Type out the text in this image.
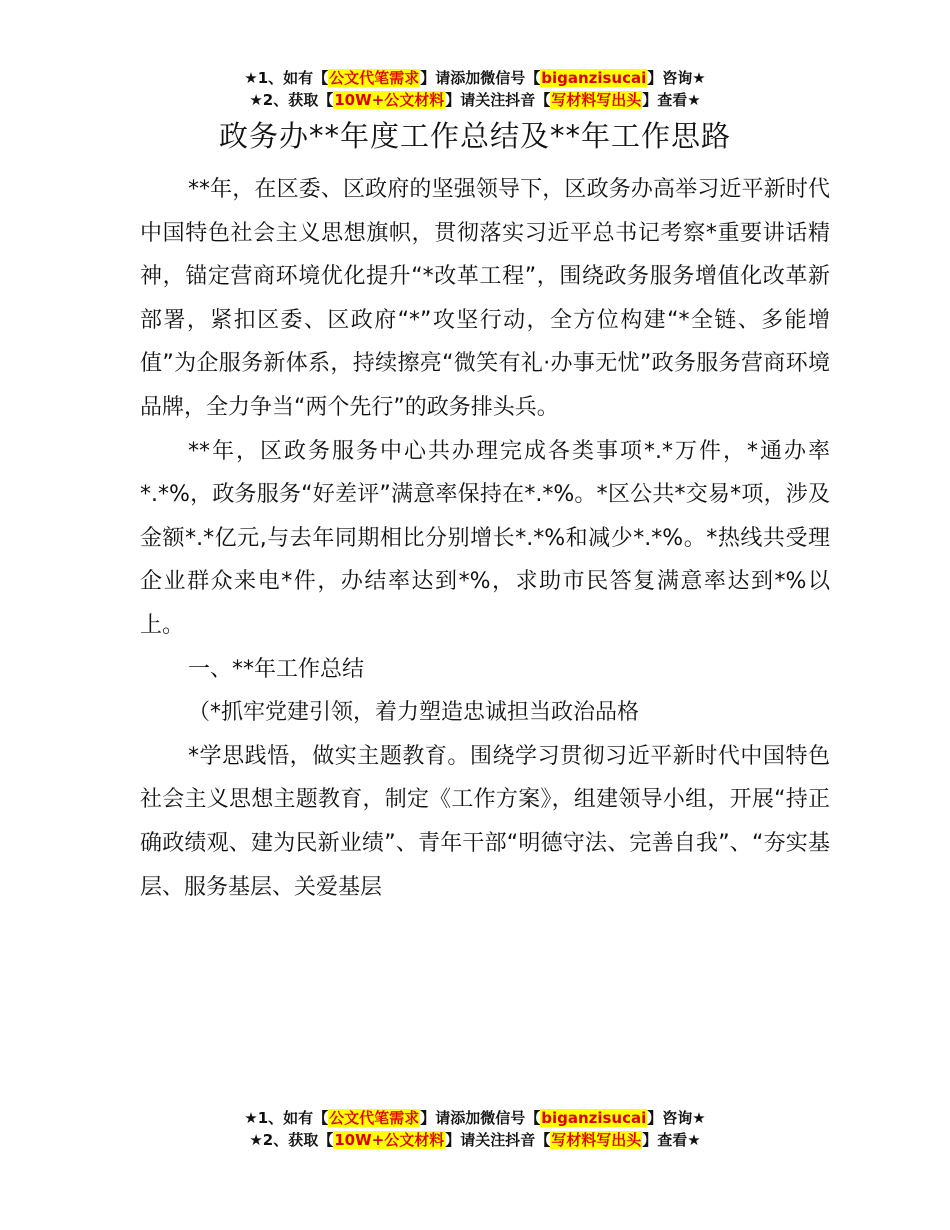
★1、如有【公文代笔需求】请添加微信号【biganzisucai】咨询★
★2、获取【10W+公文材料】请关注抖音【写材料写出头】查看★
政务办**年度工作总结及**年工作思路

**年，在区委、区政府的坚强领导下，区政务办高举习近平新时代中国特色社会主义思想旗帜，贯彻落实习近平总书记考察*重要讲话精神，锚定营商环境优化提升“*改革工程”，围绕政务服务增值化改革新部署，紧扣区委、区政府“*”攻坚行动，全方位构建“*全链、多能增值”为企服务新体系，持续擦亮“微笑有礼·办事无忧”政务服务营商环境品牌，全力争当“两个先行”的政务排头兵。

**年，区政务服务中心共办理完成各类事项*.*万件，*通办率*.*%，政务服务“好差评”满意率保持在*.*%。*区公共*交易*项，涉及金额*.*亿元,与去年同期相比分别增长*.*%和减少*.*%。*热线共受理企业群众来电*件，办结率达到*%，求助市民答复满意率达到*%以上。

一、**年工作总结

（*抓牢党建引领，着力塑造忠诚担当政治品格

*学思践悟，做实主题教育。围绕学习贯彻习近平新时代中国特色社会主义思想主题教育，制定《工作方案》，组建领导小组，开展“持正确政绩观、建为民新业绩”、青年干部“明德守法、完善自我”、“夯实基层、服务基层、关爱基层

★1、如有【公文代笔需求】请添加微信号【biganzisucai】咨询★
★2、获取【10W+公文材料】请关注抖音【写材料写出头】查看★
